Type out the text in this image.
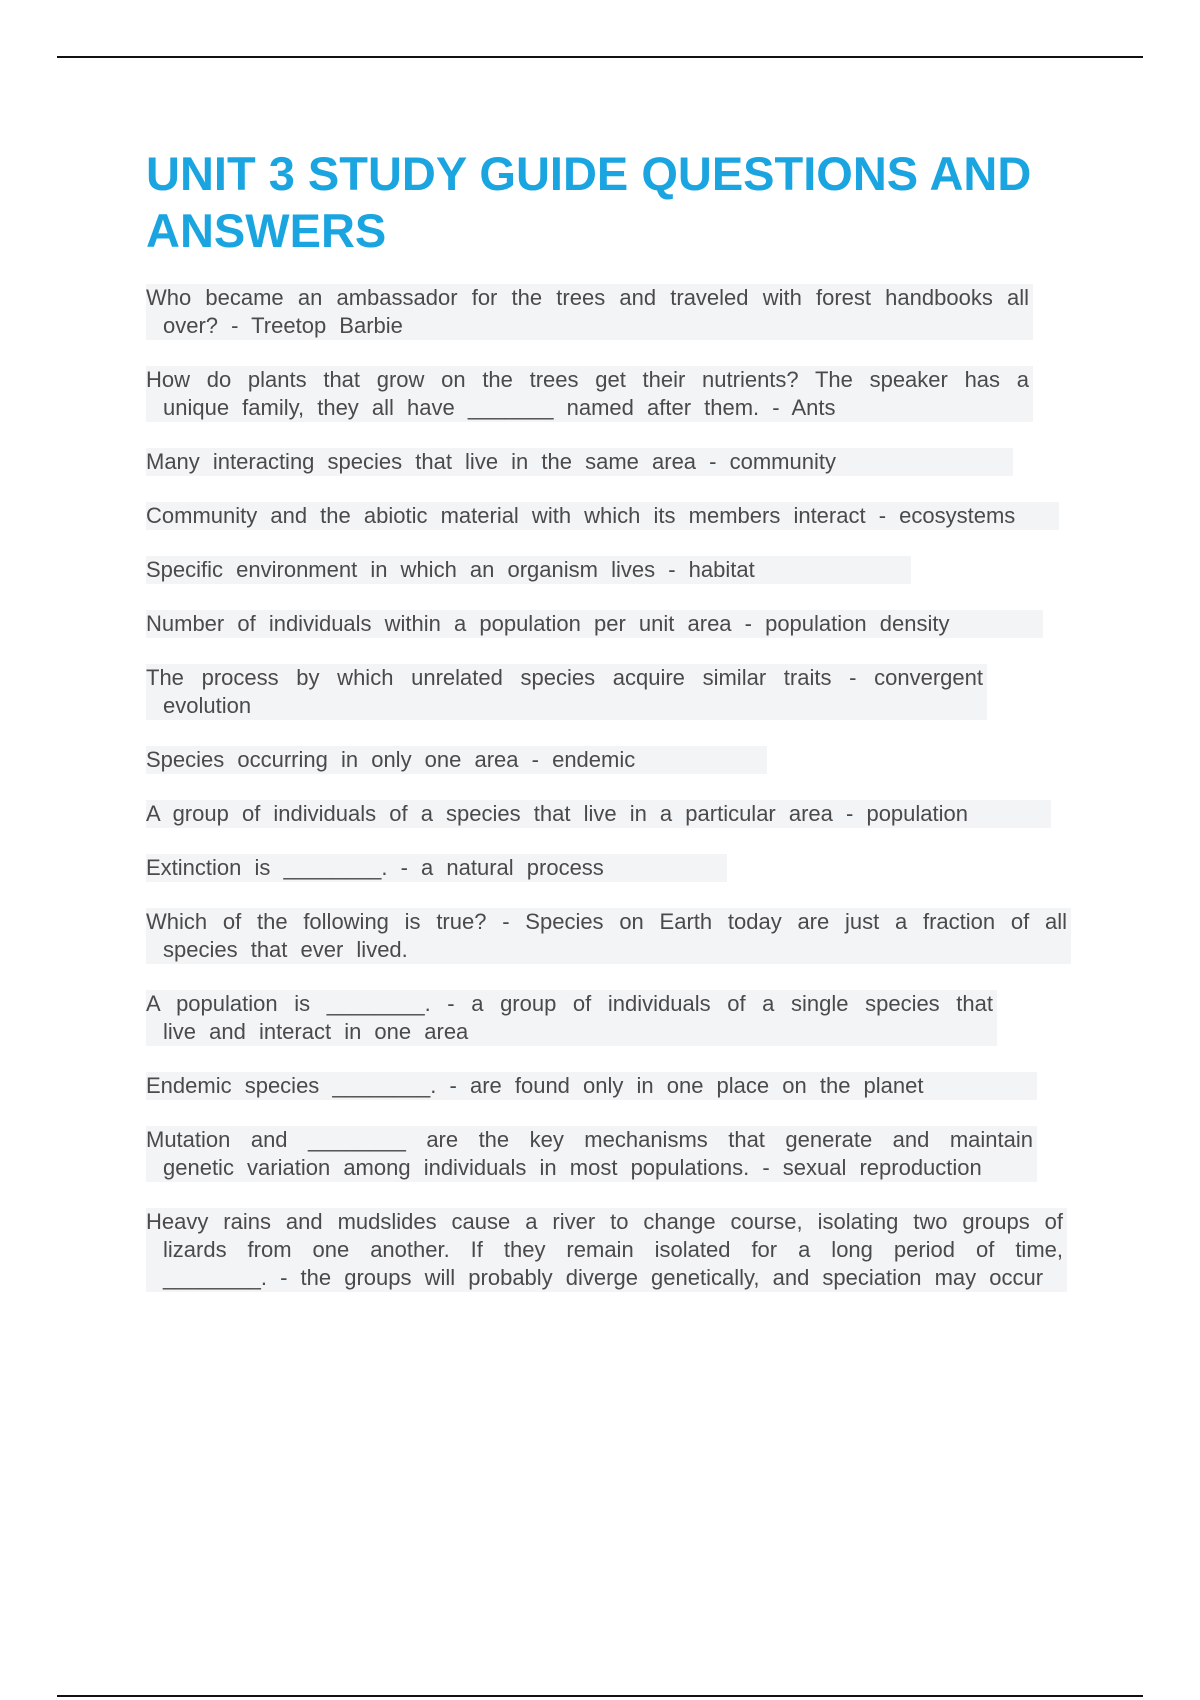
UNIT 3 STUDY GUIDE QUESTIONS AND ANSWERS
Who became an ambassador for the trees and traveled with forest handbooks all over? - Treetop Barbie
How do plants that grow on the trees get their nutrients? The speaker has a unique family, they all have _______ named after them. - Ants
Many interacting species that live in the same area - community
Community and the abiotic material with which its members interact - ecosystems
Specific environment in which an organism lives - habitat
Number of individuals within a population per unit area - population density
The process by which unrelated species acquire similar traits - convergent evolution
Species occurring in only one area - endemic
A group of individuals of a species that live in a particular area - population
Extinction is ________. - a natural process
Which of the following is true? - Species on Earth today are just a fraction of all species that ever lived.
A population is ________. - a group of individuals of a single species that live and interact in one area
Endemic species ________. - are found only in one place on the planet
Mutation and ________ are the key mechanisms that generate and maintain genetic variation among individuals in most populations. - sexual reproduction
Heavy rains and mudslides cause a river to change course, isolating two groups of lizards from one another. If they remain isolated for a long period of time, ________. - the groups will probably diverge genetically, and speciation may occur
